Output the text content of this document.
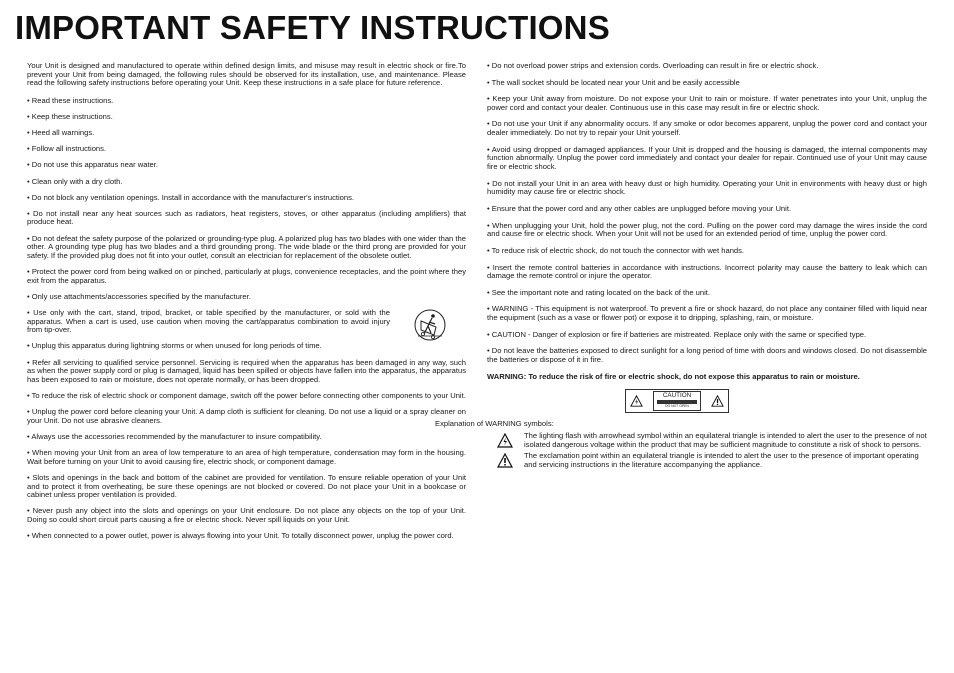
IMPORTANT SAFETY INSTRUCTIONS

Your Unit is designed and manufactured to operate within defined design limits, and misuse may result in electric shock or fire.To prevent your Unit from being damaged, the following rules should be observed for its installation, use, and maintenance. Please read the following safety instructions before operating your Unit. Keep these instructions in a safe place for future reference.

• Read these instructions.

• Keep these instructions.

• Heed all warnings.

• Follow all instructions.

• Do not use this apparatus near water.

• Clean only with a dry cloth.

• Do not block any ventilation openings. Install in accordance with the manufacturer's instructions.

• Do not install near any heat sources such as radiators, heat registers, stoves, or other apparatus (including amplifiers) that produce heat.

• Do not defeat the safety purpose of the polarized or grounding-type plug. A polarized plug has two blades with one wider than the other. A grounding type plug has two blades and a third grounding prong. The wide blade or the third prong are provided for your safety. If the provided plug does not fit into your outlet, consult an electrician for replacement of the obsolete outlet.

• Protect the power cord from being walked on or pinched, particularly at plugs, convenience receptacles, and the point where they exit from the apparatus.

• Only use attachments/accessories specified by the manufacturer.

• Use only with the cart, stand, tripod, bracket, or table specified by the manufacturer, or sold with the apparatus. When a cart is used, use caution when moving the cart/apparatus combination to avoid injury from tip-over.

• Unplug this apparatus during lightning storms or when unused for long periods of time.

• Refer all servicing to qualified service personnel. Servicing is required when the apparatus has been damaged in any way, such as when the power supply cord or plug is damaged, liquid has been spilled or objects have fallen into the apparatus, the apparatus has been exposed to rain or moisture, does not operate normally, or has been dropped.

• To reduce the risk of electric shock or component damage, switch off the power before connecting other components to your Unit.

• Unplug the power cord before cleaning your Unit. A damp cloth is sufficient for cleaning. Do not use a liquid or a spray cleaner on your Unit. Do not use abrasive cleaners.

• Always use the accessories recommended by the manufacturer to insure compatibility.

• When moving your Unit from an area of low temperature to an area of high temperature, condensation may form in the housing. Wait before turning on your Unit to avoid causing fire, electric shock, or component damage.

• Slots and openings in the back and bottom of the cabinet are provided for ventilation. To ensure reliable operation of your Unit and to protect it from overheating, be sure these openings are not blocked or covered. Do not place your Unit in a bookcase or cabinet unless proper ventilation is provided.

• Never push any object into the slots and openings on your Unit enclosure. Do not place any objects on the top of your Unit. Doing so could short circuit parts causing a fire or electric shock. Never spill liquids on your Unit.

• When connected to a power outlet, power is always flowing into your Unit. To totally disconnect power, unplug the power cord.

• Do not overload power strips and extension cords. Overloading can result in fire or electric shock.

• The wall socket should be located near your Unit and be easily accessible

• Keep your Unit away from moisture. Do not expose your Unit to rain or moisture. If water penetrates into your Unit, unplug the power cord and contact your dealer. Continuous use in this case may result in fire or electric shock.

• Do not use your Unit if any abnormality occurs. If any smoke or odor becomes apparent, unplug the power cord and contact your dealer immediately. Do not try to repair your Unit yourself.

• Avoid using dropped or damaged appliances. If your Unit is dropped and the housing is damaged, the internal components may function abnormally. Unplug the power cord immediately and contact your dealer for repair. Continued use of your Unit may cause fire or electric shock.

• Do not install your Unit in an area with heavy dust or high humidity. Operating your Unit in environments with heavy dust or high humidity may cause fire or electric shock.

• Ensure that the power cord and any other cables are unplugged before moving your Unit.

• When unplugging your Unit, hold the power plug, not the cord. Pulling on the power cord may damage the wires inside the cord and cause fire or electric shock. When your Unit will not be used for an extended period of time, unplug the power cord.

• To reduce risk of electric shock, do not touch the connector with wet hands.

• Insert the remote control batteries in accordance with instructions. Incorrect polarity may cause the battery to leak which can damage the remote control or injure the operator.

• See the important note and rating located on the back of the unit.

• WARNING - This equipment is not waterproof. To prevent a fire or shock hazard, do not place any container filled with liquid near the equipment (such as a vase or flower pot) or expose it to dripping, splashing, rain, or moisture.

• CAUTION - Danger of explosion or fire if batteries are mistreated. Replace only with the same or specified type.

• Do not leave the batteries exposed to direct sunlight for a long period of time with doors and windows closed. Do not disassemble the batteries or dispose of it in fire.

WARNING: To reduce the risk of fire or electric shock, do not expose this apparatus to rain or moisture.

CAUTION
DO NOT OPEN

Explanation of WARNING symbols:

The lighting flash with arrowhead symbol within an equilateral triangle is intended to alert the user to the presence of not isolated dangerous voltage within the product that may be sufficient magnitude to constitute a risk of shock to persons.

The exclamation point within an equilateral triangle is intended to alert the user to the presence of important operating and servicing instructions in the literature accompanying the appliance.
